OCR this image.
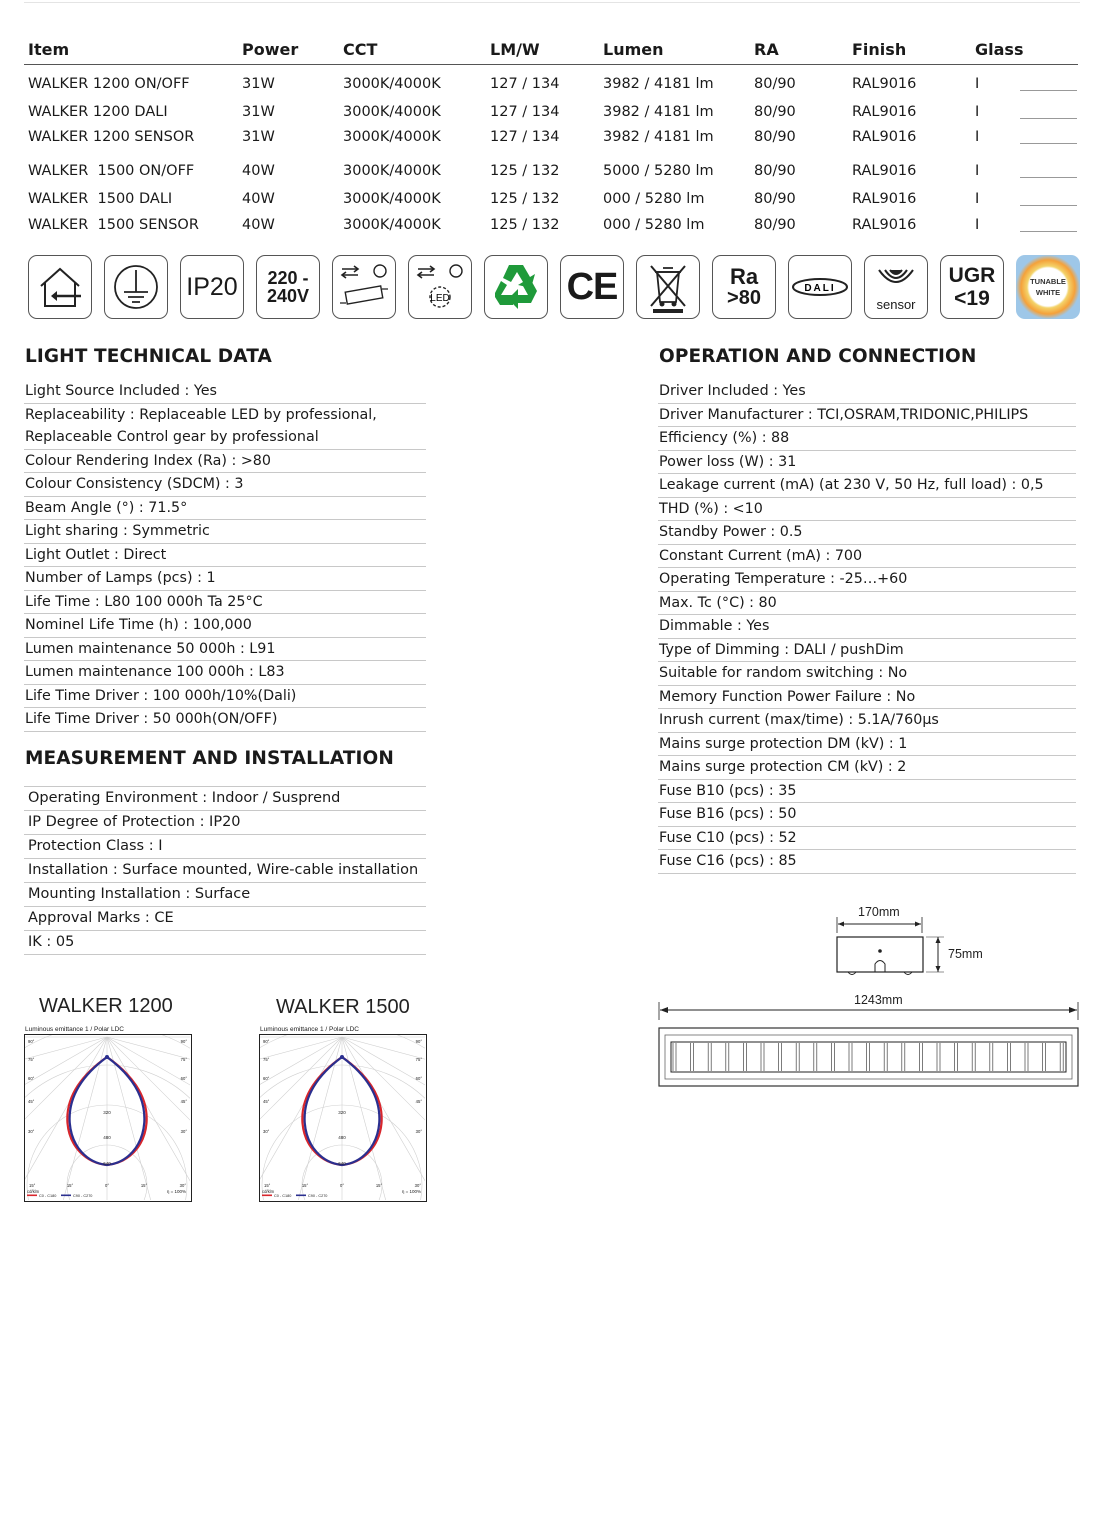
Item	Power	CCT	LM/W	Lumen	RA	Finish	Glass
WALKER 1200 ON/OFF	31W	3000K/4000K	127 / 134	3982 / 4181 lm	80/90	RAL9016	I
WALKER 1200 DALI	31W	3000K/4000K	127 / 134	3982 / 4181 lm	80/90	RAL9016	I
WALKER 1200 SENSOR	31W	3000K/4000K	127 / 134	3982 / 4181 lm	80/90	RAL9016	I
WALKER  1500 ON/OFF	40W	3000K/4000K	125 / 132	5000 / 5280 lm	80/90	RAL9016	I
WALKER  1500 DALI	40W	3000K/4000K	125 / 132	000 / 5280 lm	80/90	RAL9016	I
WALKER  1500 SENSOR	40W	3000K/4000K	125 / 132	000 / 5280 lm	80/90	RAL9016	I
IP20 220 -
240V	LED	CE	Ra
>80	DALI
sensor
UGR
<19
TUNABLE
WHITE
LIGHT TECHNICAL DATA
Light Source Included : Yes
Replaceability : Replaceable LED by professional,
Replaceable Control gear by professional
Colour Rendering Index (Ra) : >80
Colour Consistency (SDCM) : 3
Beam Angle (°) : 71.5°
Light sharing : Symmetric
Light Outlet : Direct
Number of Lamps (pcs) : 1
Life Time : L80 100 000h Ta 25°C
Nominel Life Time (h) : 100,000
Lumen maintenance 50 000h : L91
Lumen maintenance 100 000h : L83
Life Time Driver : 100 000h/10%(Dali)
Life Time Driver : 50 000h(ON/OFF)
MEASUREMENT AND INSTALLATION
Operating Environment : Indoor / Susprend
IP Degree of Protection : IP20
Protection Class : I
Installation : Surface mounted, Wire-cable installation
Mounting Installation : Surface
Approval Marks : CE
IK : 05
OPERATION AND CONNECTION
Driver Included : Yes
Driver Manufacturer : TCI,OSRAM,TRIDONIC,PHILIPS
Efficiency (%) : 88
Power loss (W) : 31
Leakage current (mA) (at 230 V, 50 Hz, full load) : 0,5
THD (%) : <10
Standby Power : 0.5
Constant Current (mA) : 700
Operating Temperature : -25…+60
Max. Tc (°C) : 80
Dimmable : Yes
Type of Dimming : DALI / pushDim
Suitable for random switching : No
Memory Function Power Failure : No
Inrush current (max/time) : 5.1A/760µs
Mains surge protection DM (kV) : 1
Mains surge protection CM (kV) : 2
Fuse B10 (pcs) : 35
Fuse B16 (pcs) : 50
Fuse C10 (pcs) : 52
Fuse C16 (pcs) : 85
WALKER 1200	WALKER 1500
Luminous emittance 1 / Polar LDC	Luminous emittance 1 / Polar LDC
320
480
640
90°	90°
75°	75°
60°	60°
45°	45°
30°	30°
15°	15°	0°	15°	30°
cd/klm	η = 100%
C0 - C180	C90 - C270
320
480
640
90°	90°
75°	75°
60°	60°
45°	45°
30°	30°
15°	15°	0°	15°	30°
cd/klm	η = 100%
C0 - C180	C90 - C270
170mm
75mm
1243mm
